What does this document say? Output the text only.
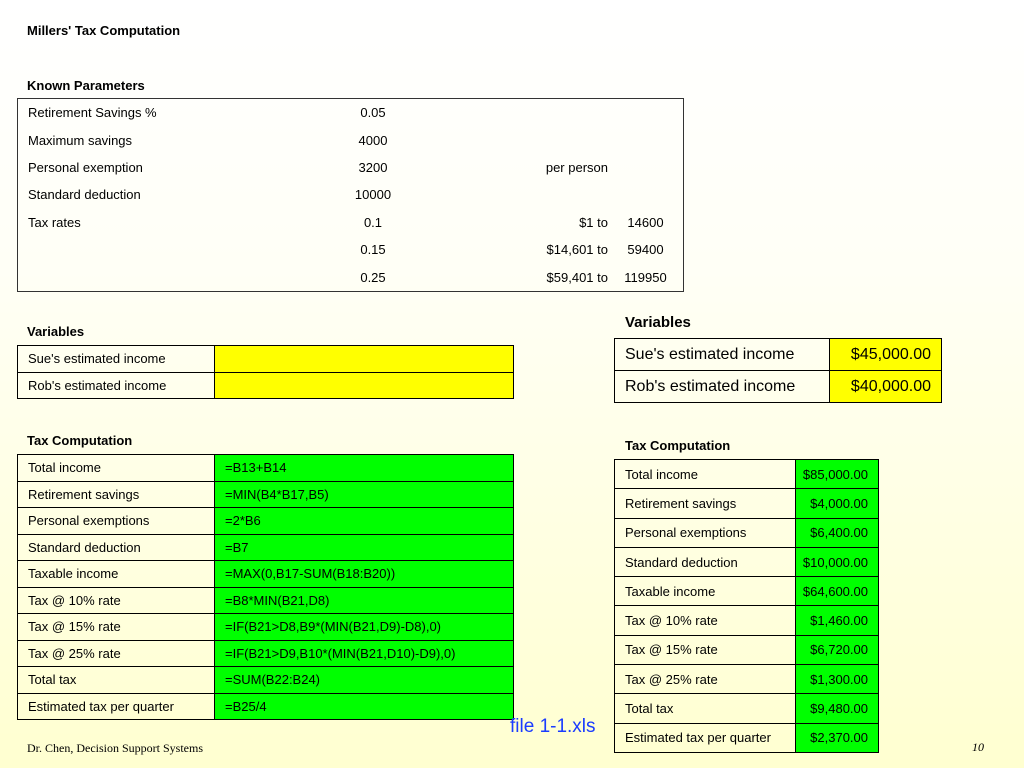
Millers' Tax Computation
Known Parameters
Retirement Savings %	0.05		
Maximum savings	4000		
Personal exemption	3200	per person	
Standard deduction	10000		
Tax rates	0.1	$1 to	14600
	0.15	$14,601 to	59400
	0.25	$59,401 to	119950
Variables
Sue's estimated income	
Rob's estimated income	
Tax Computation
Total income	=B13+B14
Retirement savings	=MIN(B4*B17,B5)
Personal exemptions	=2*B6
Standard deduction	=B7
Taxable income	=MAX(0,B17-SUM(B18:B20))
Tax @ 10% rate	=B8*MIN(B21,D8)
Tax @ 15% rate	=IF(B21>D8,B9*(MIN(B21,D9)-D8),0)
Tax @ 25% rate	=IF(B21>D9,B10*(MIN(B21,D10)-D9),0)
Total tax	=SUM(B22:B24)
Estimated tax per quarter	=B25/4
Variables
Sue's estimated income	$45,000.00
Rob's estimated income	$40,000.00
Tax Computation
Total income	$85,000.00
Retirement savings	$4,000.00
Personal exemptions	$6,400.00
Standard deduction	$10,000.00
Taxable income	$64,600.00
Tax @ 10% rate	$1,460.00
Tax @ 15% rate	$6,720.00
Tax @ 25% rate	$1,300.00
Total tax	$9,480.00
Estimated tax per quarter	$2,370.00
file 1-1.xls
Dr. Chen, Decision Support Systems	10
